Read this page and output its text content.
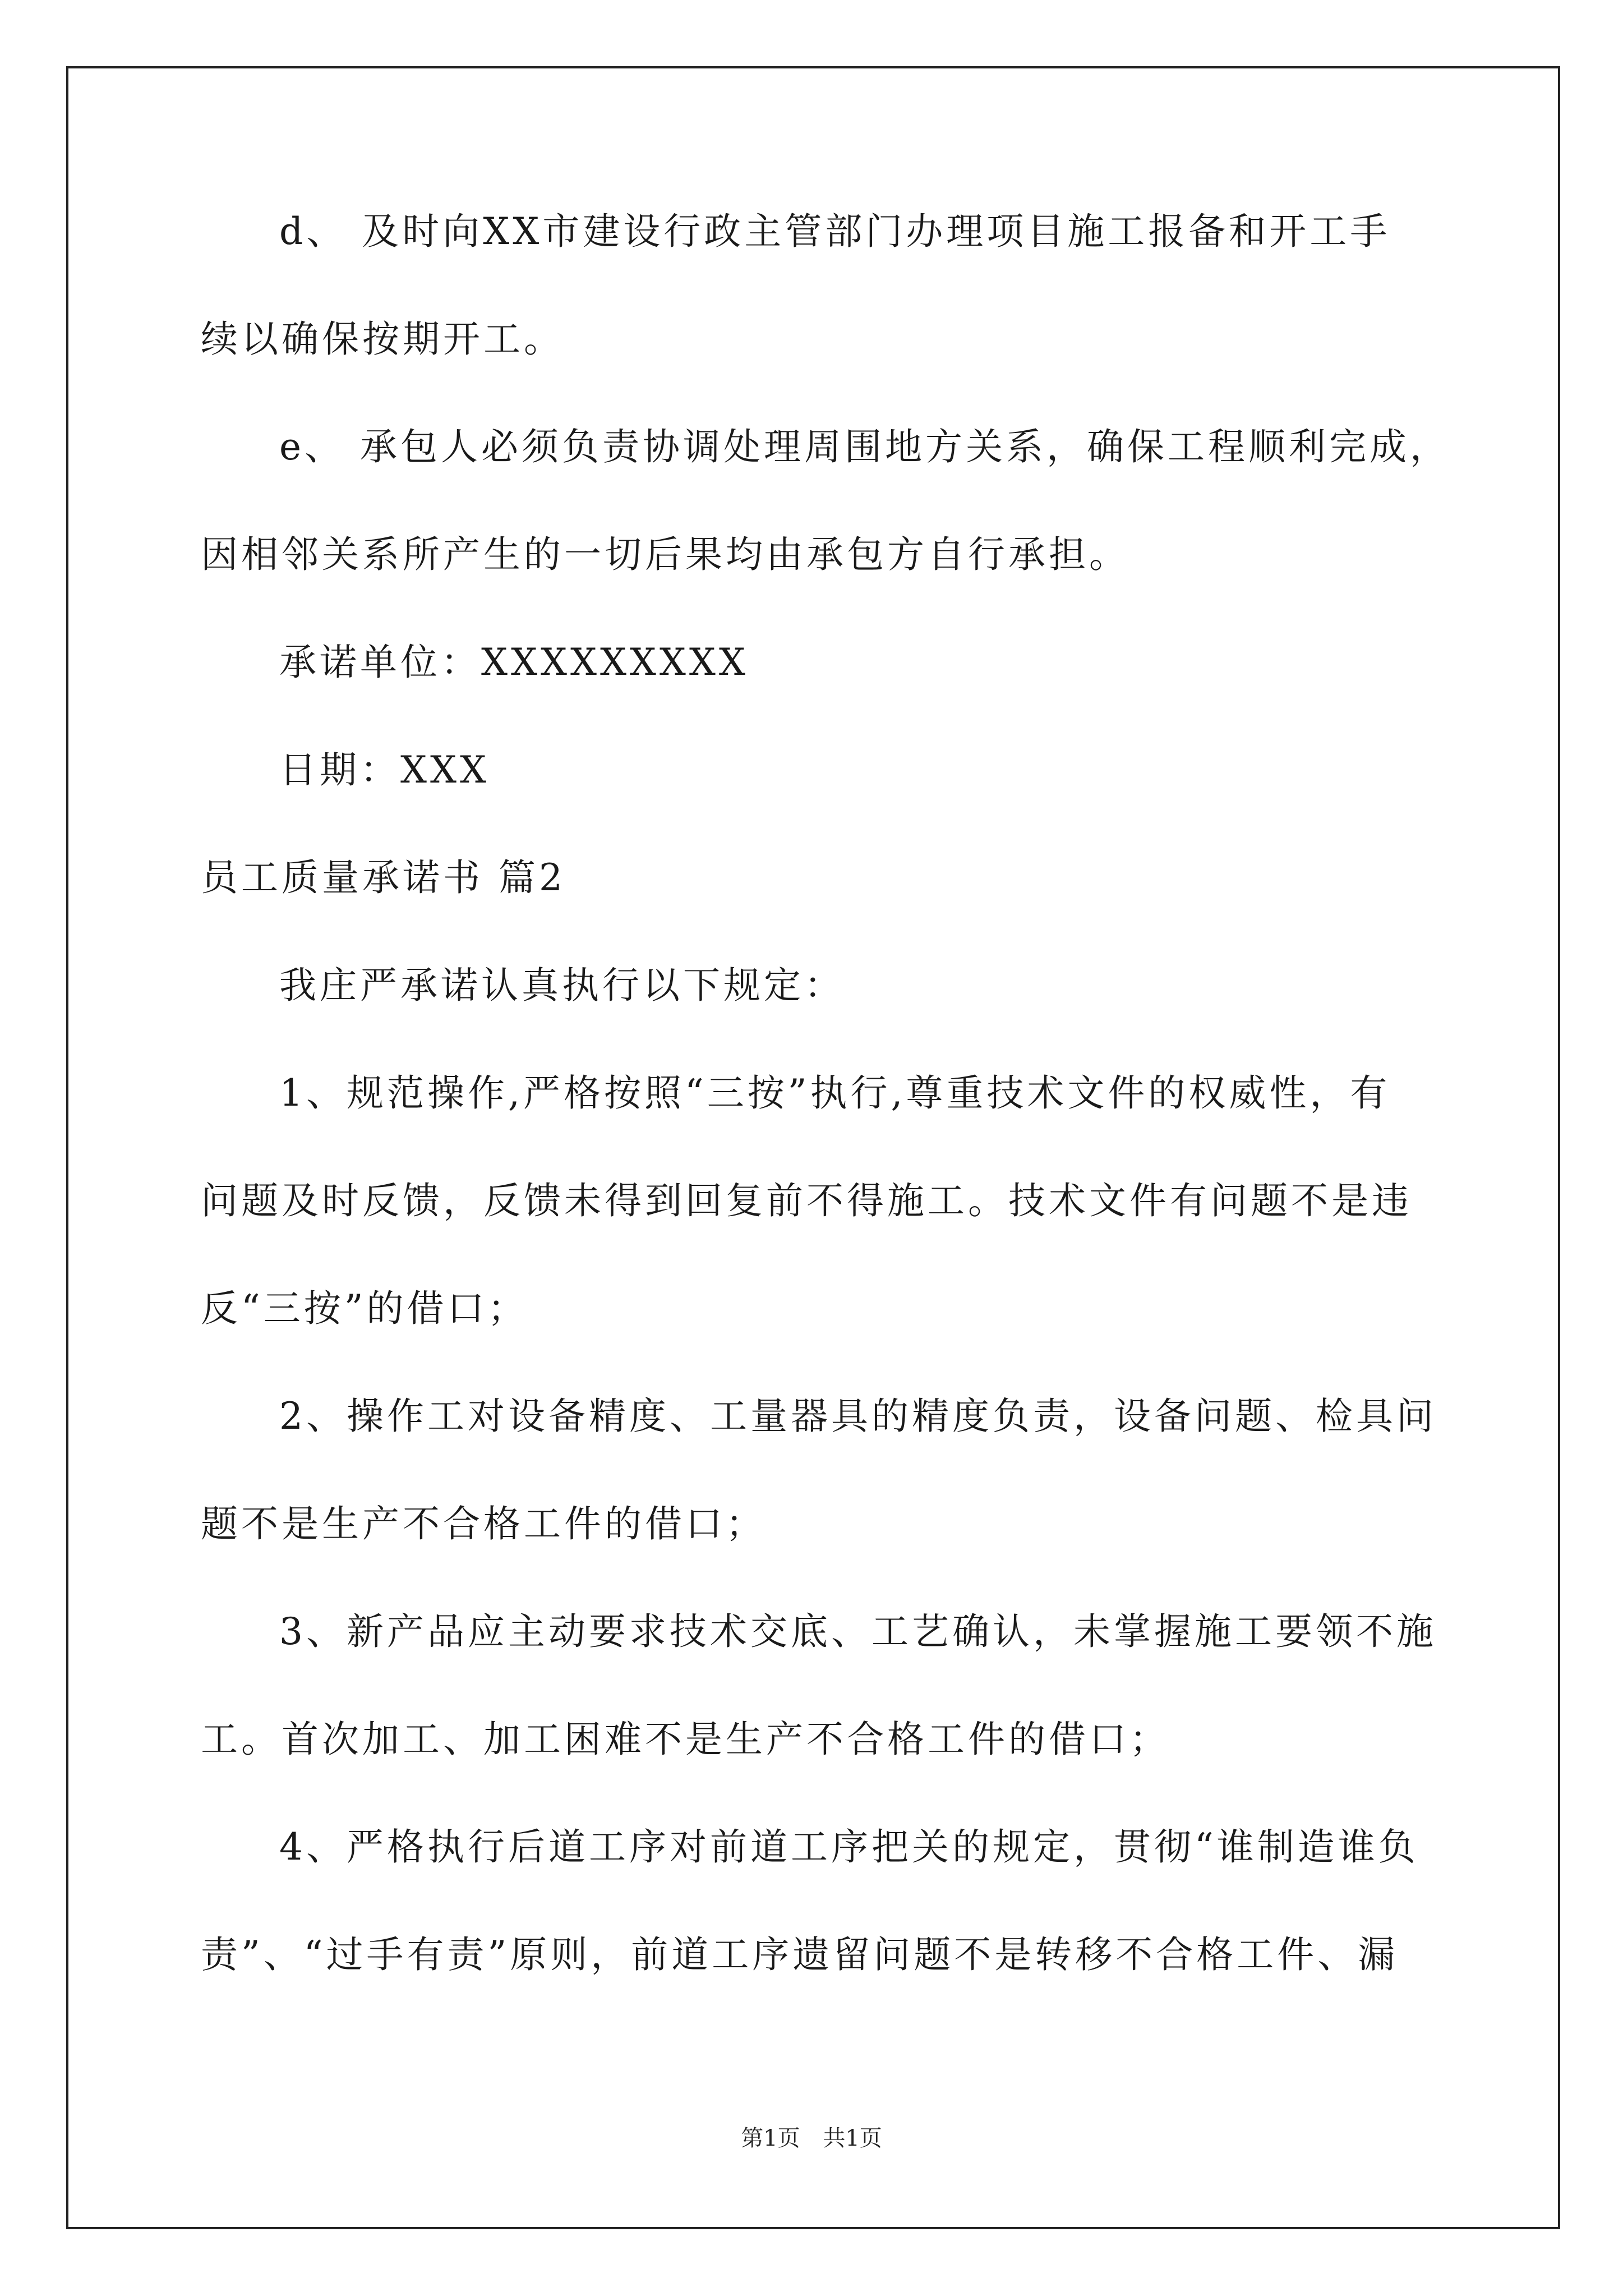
d、 及时向XX市建设行政主管部门办理项目施工报备和开工手
续以确保按期开工。
e、 承包人必须负责协调处理周围地方关系，确保工程顺利完成，
因相邻关系所产生的一切后果均由承包方自行承担。
承诺单位：XXXXXXXXX
日期：XXX
员工质量承诺书 篇2
我庄严承诺认真执行以下规定：
1、规范操作,严格按照“三按”执行,尊重技术文件的权威性，有
问题及时反馈，反馈未得到回复前不得施工。技术文件有问题不是违
反“三按”的借口；
2、操作工对设备精度、工量器具的精度负责，设备问题、检具问
题不是生产不合格工件的借口；
3、新产品应主动要求技术交底、工艺确认，未掌握施工要领不施
工。首次加工、加工困难不是生产不合格工件的借口；
4、严格执行后道工序对前道工序把关的规定，贯彻“谁制造谁负
责”、“过手有责”原则，前道工序遗留问题不是转移不合格工件、漏
第1页 共1页
